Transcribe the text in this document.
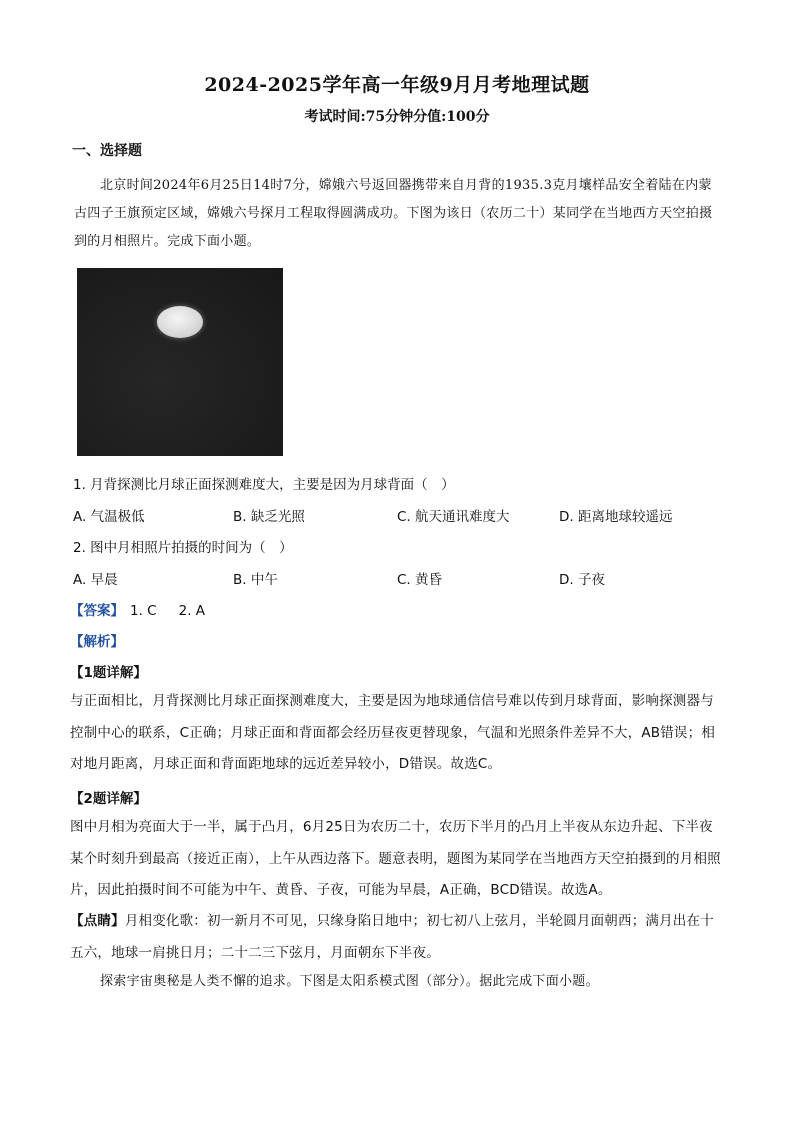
2024-2025学年高一年级9月月考地理试题
考试时间:75分钟分值:100分
一、选择题

北京时间2024年6月25日14时7分，嫦娥六号返回器携带来自月背的1935.3克月壤样品安全着陆在内蒙古四子王旗预定区域，嫦娥六号探月工程取得圆满成功。下图为该日（农历二十）某同学在当地西方天空拍摄到的月相照片。完成下面小题。

1. 月背探测比月球正面探测难度大，主要是因为月球背面（　）
A. 气温极低	B. 缺乏光照	C. 航天通讯难度大	D. 距离地球较遥远
2. 图中月相照片拍摄的时间为（　）
A. 早晨	B. 中午	C. 黄昏	D. 子夜
【答案】 1. C 2. A
【解析】
【1题详解】

与正面相比，月背探测比月球正面探测难度大，主要是因为地球通信信号难以传到月球背面，影响探测器与控制中心的联系，C正确；月球正面和背面都会经历昼夜更替现象，气温和光照条件差异不大，AB错误；相对地月距离，月球正面和背面距地球的远近差异较小，D错误。故选C。

【2题详解】

图中月相为亮面大于一半，属于凸月，6月25日为农历二十，农历下半月的凸月上半夜从东边升起、下半夜某个时刻升到最高（接近正南），上午从西边落下。题意表明，题图为某同学在当地西方天空拍摄到的月相照片，因此拍摄时间不可能为中午、黄昏、子夜，可能为早晨，A正确，BCD错误。故选A。

【点睛】月相变化歌：初一新月不可见，只缘身陷日地中；初七初八上弦月，半轮圆月面朝西；满月出在十五六，地球一肩挑日月；二十二三下弦月，月面朝东下半夜。

探索宇宙奥秘是人类不懈的追求。下图是太阳系模式图（部分）。据此完成下面小题。
